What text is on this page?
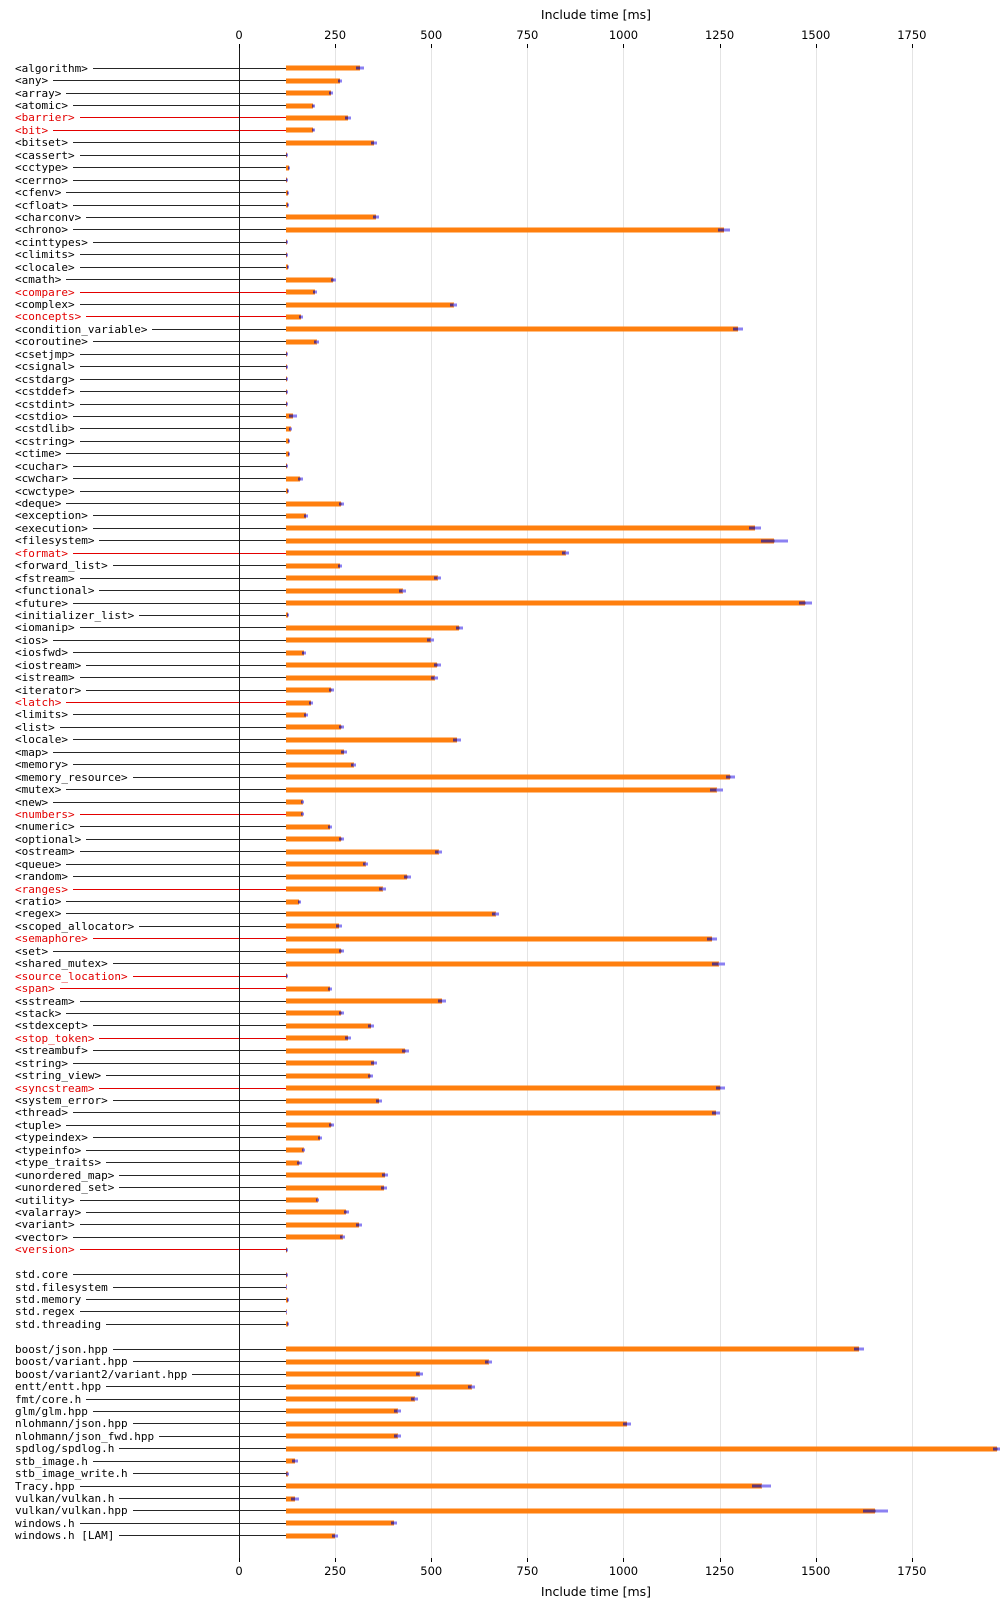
Include time [ms]
0	250	500	750	1000	1250	1500	1750
<algorithm>
<any>
<array>
<atomic>
<barrier>
<bit>
<bitset>
<cassert>
<cctype>
<cerrno>
<cfenv>
<cfloat>
<charconv>
<chrono>
<cinttypes>
<climits>
<clocale>
<cmath>
<compare>
<complex>
<concepts>
<condition_variable>
<coroutine>
<csetjmp>
<csignal>
<cstdarg>
<cstddef>
<cstdint>
<cstdio>
<cstdlib>
<cstring>
<ctime>
<cuchar>
<cwchar>
<cwctype>
<deque>
<exception>
<execution>
<filesystem>
<format>
<forward_list>
<fstream>
<functional>
<future>
<initializer_list>
<iomanip>
<ios>
<iosfwd>
<iostream>
<istream>
<iterator>
<latch>
<limits>
<list>
<locale>
<map>
<memory>
<memory_resource>
<mutex>
<new>
<numbers>
<numeric>
<optional>
<ostream>
<queue>
<random>
<ranges>
<ratio>
<regex>
<scoped_allocator>
<semaphore>
<set>
<shared_mutex>
<source_location>
<span>
<sstream>
<stack>
<stdexcept>
<stop_token>
<streambuf>
<string>
<string_view>
<syncstream>
<system_error>
<thread>
<tuple>
<typeindex>
<typeinfo>
<type_traits>
<unordered_map>
<unordered_set>
<utility>
<valarray>
<variant>
<vector>
<version>
std.core
std.filesystem
std.memory
std.regex
std.threading
boost/json.hpp
boost/variant.hpp
boost/variant2/variant.hpp
entt/entt.hpp
fmt/core.h
glm/glm.hpp
nlohmann/json.hpp
nlohmann/json_fwd.hpp
spdlog/spdlog.h
stb_image.h
stb_image_write.h
Tracy.hpp
vulkan/vulkan.h
vulkan/vulkan.hpp
windows.h
windows.h [LAM]
0	250	500	750	1000	1250	1500	1750
Include time [ms]
